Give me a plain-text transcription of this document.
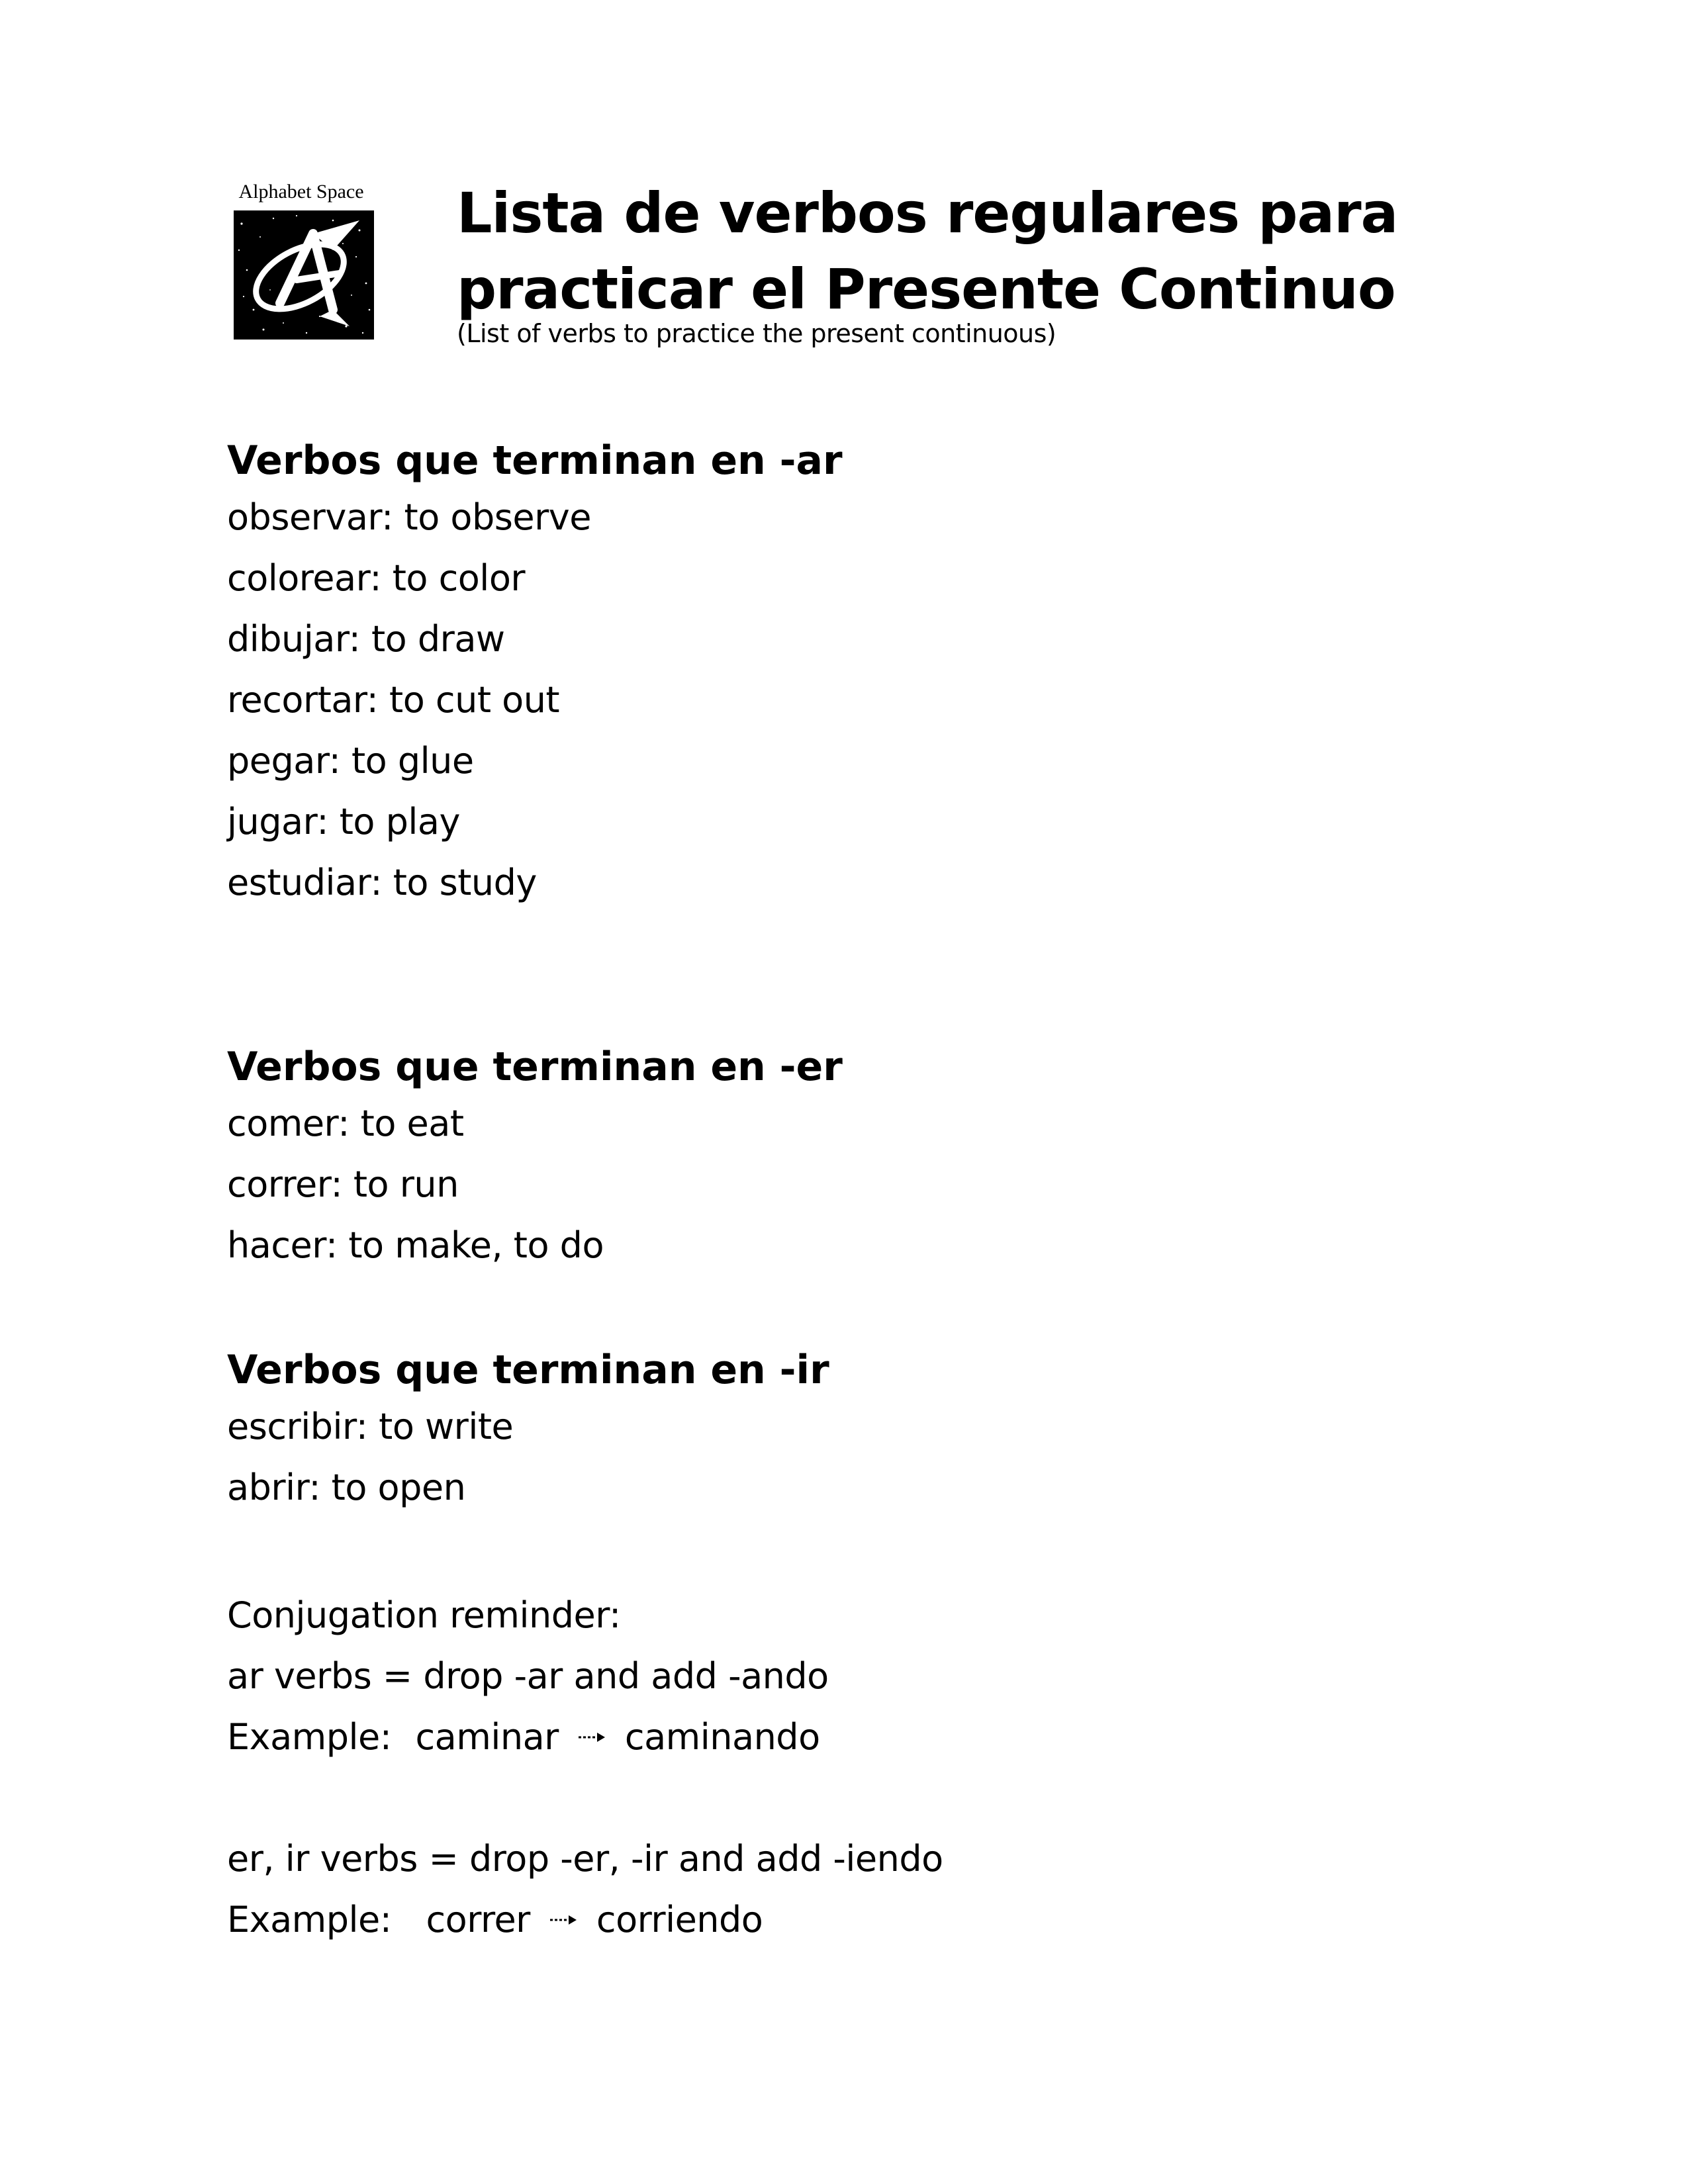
Alphabet Space Lista de verbos regulares para
practicar el Presente Continuo
(List of verbs to practice the present continuous)
Verbos que terminan en -ar
observar: to observe
colorear: to color
dibujar: to draw
recortar: to cut out
pegar: to glue
jugar: to play
estudiar: to study
Verbos que terminan en -er
comer: to eat
correr: to run
hacer: to make, to do
Verbos que terminan en -ir
escribir: to write
abrir: to open
Conjugation reminder:
ar verbs = drop -ar and add -ando
Example: caminar caminando
er, ir verbs = drop -er, -ir and add -iendo
Example: correr corriendo
